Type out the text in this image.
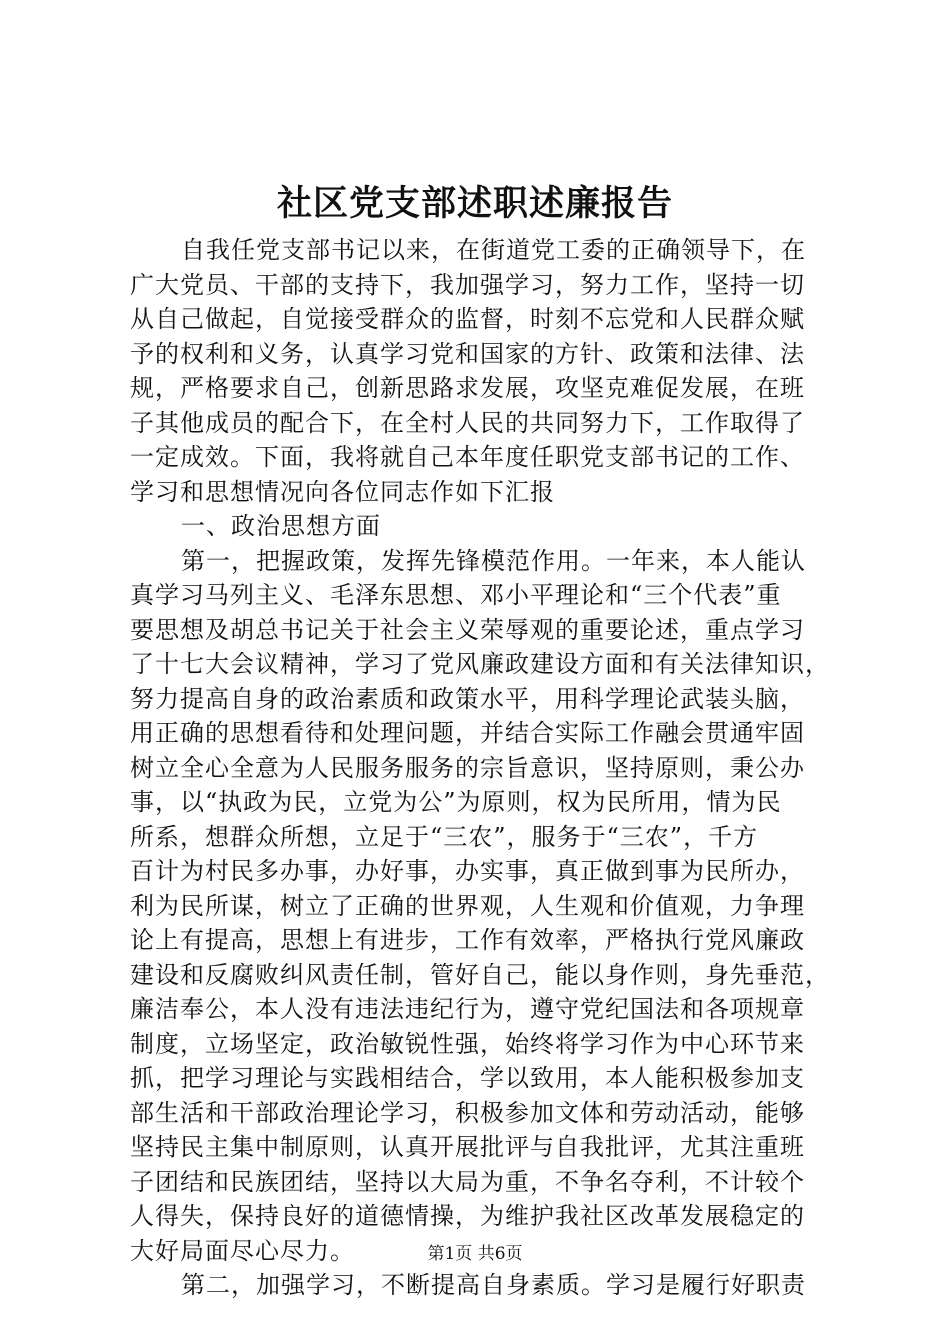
社区党支部述职述廉报告
自我任党支部书记以来，在街道党工委的正确领导下，在
广大党员、干部的支持下，我加强学习，努力工作，坚持一切
从自己做起，自觉接受群众的监督，时刻不忘党和人民群众赋
予的权利和义务，认真学习党和国家的方针、政策和法律、法
规，严格要求自己，创新思路求发展，攻坚克难促发展，在班
子其他成员的配合下，在全村人民的共同努力下，工作取得了
一定成效。下面，我将就自己本年度任职党支部书记的工作、
学习和思想情况向各位同志作如下汇报
一、政治思想方面
第一，把握政策，发挥先锋模范作用。一年来，本人能认
真学习马列主义、毛泽东思想、邓小平理论和“三个代表”重
要思想及胡总书记关于社会主义荣辱观的重要论述，重点学习
了十七大会议精神，学习了党风廉政建设方面和有关法律知识，
努力提高自身的政治素质和政策水平，用科学理论武装头脑，
用正确的思想看待和处理问题，并结合实际工作融会贯通牢固
树立全心全意为人民服务服务的宗旨意识，坚持原则，秉公办
事，以“执政为民，立党为公”为原则，权为民所用，情为民
所系，想群众所想，立足于“三农”，服务于“三农”，千方
百计为村民多办事，办好事，办实事，真正做到事为民所办，
利为民所谋，树立了正确的世界观，人生观和价值观，力争理
论上有提高，思想上有进步，工作有效率，严格执行党风廉政
建设和反腐败纠风责任制，管好自己，能以身作则，身先垂范，
廉洁奉公，本人没有违法违纪行为，遵守党纪国法和各项规章
制度，立场坚定，政治敏锐性强，始终将学习作为中心环节来
抓，把学习理论与实践相结合，学以致用，本人能积极参加支
部生活和干部政治理论学习，积极参加文体和劳动活动，能够
坚持民主集中制原则，认真开展批评与自我批评，尤其注重班
子团结和民族团结，坚持以大局为重，不争名夺利，不计较个
人得失，保持良好的道德情操，为维护我社区改革发展稳定的
大好局面尽心尽力。
第二，加强学习，不断提高自身素质。学习是履行好职责
第1页 共6页
